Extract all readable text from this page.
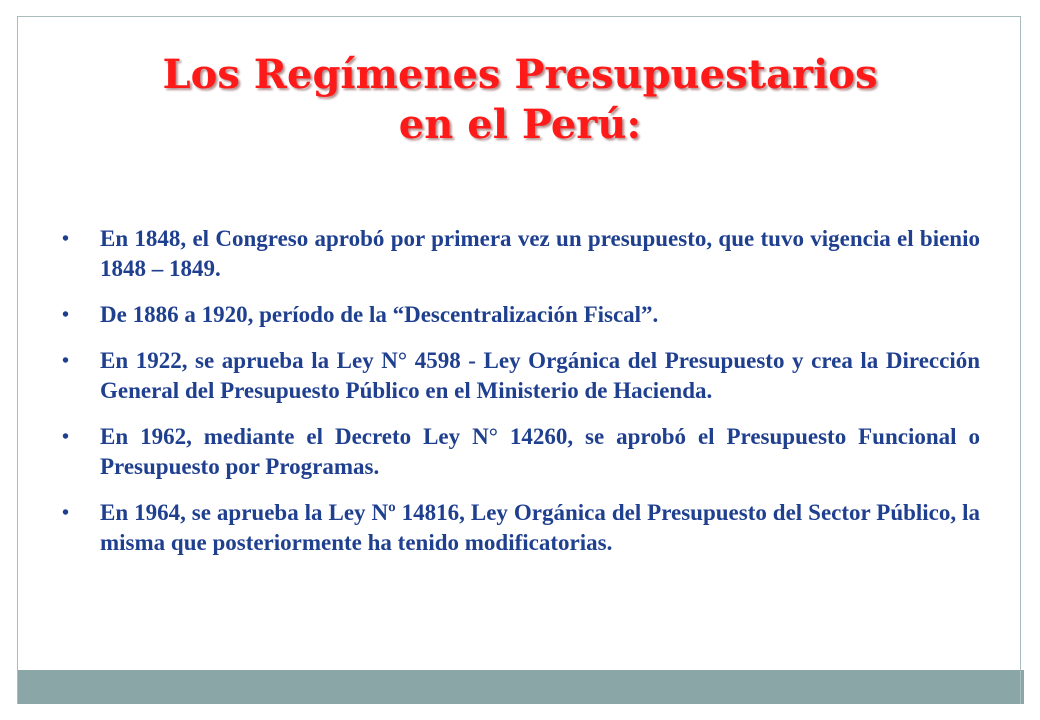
Los Regímenes Presupuestarios
en el Perú:
• En 1848, el Congreso aprobó por primera vez un presupuesto, que tuvo vigencia el bienio 1848 – 1849.
• De 1886 a 1920, período de la “Descentralización Fiscal”.
• En 1922, se aprueba la Ley N° 4598 - Ley Orgánica del Presupuesto y crea la Dirección General del Presupuesto Público en el Ministerio de Hacienda.
• En 1962, mediante el Decreto Ley N° 14260, se aprobó el Presupuesto Funcional o Presupuesto por Programas.
• En 1964, se aprueba la Ley Nº 14816, Ley Orgánica del Presupuesto del Sector Público, la misma que posteriormente ha tenido modificatorias.
